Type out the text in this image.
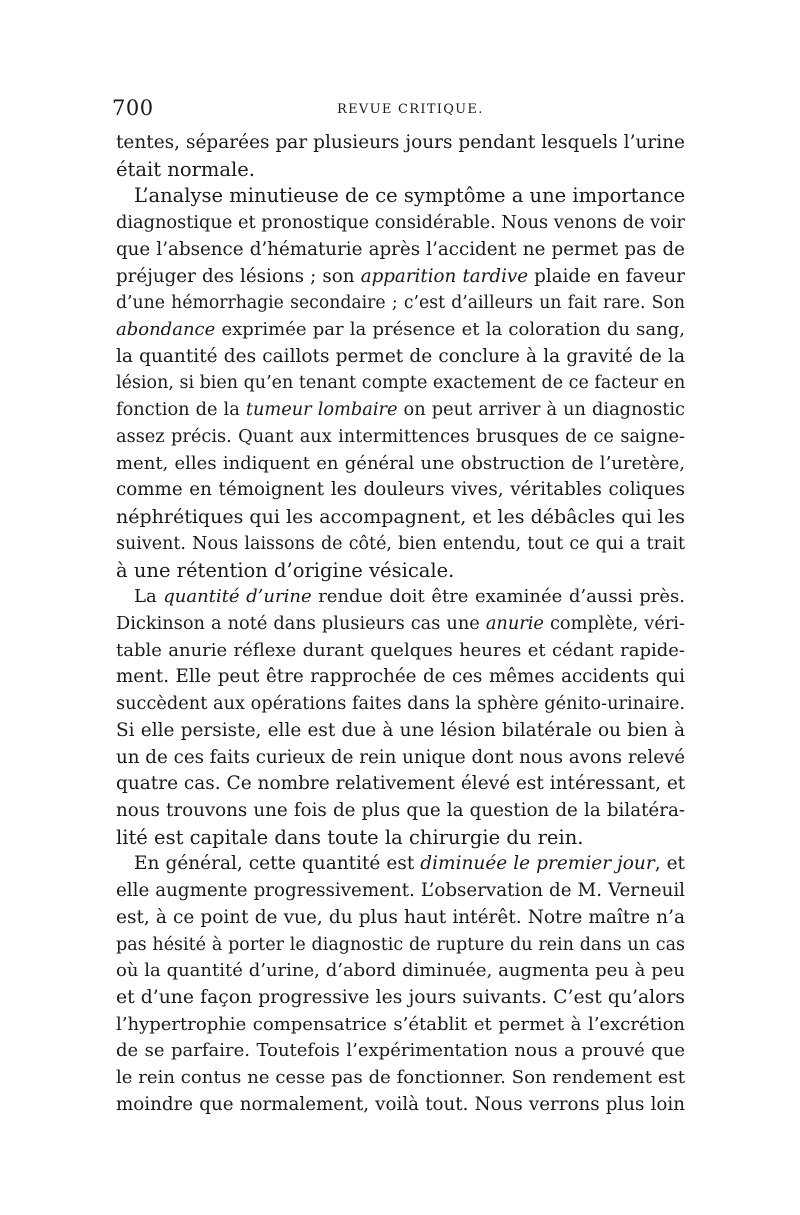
700	REVUE CRITIQUE.
tentes, séparées par plusieurs jours pendant lesquels l’urine
était normale.
L’analyse minutieuse de ce symptôme a une importance
diagnostique et pronostique considérable. Nous venons de voir
que l’absence d’hématurie après l’accident ne permet pas de
préjuger des lésions ; son apparition tardive plaide en faveur
d’une hémorrhagie secondaire ; c’est d’ailleurs un fait rare. Son
abondance exprimée par la présence et la coloration du sang,
la quantité des caillots permet de conclure à la gravité de la
lésion, si bien qu’en tenant compte exactement de ce facteur en
fonction de la tumeur lombaire on peut arriver à un diagnostic
assez précis. Quant aux intermittences brusques de ce saigne-
ment, elles indiquent en général une obstruction de l’uretère,
comme en témoignent les douleurs vives, véritables coliques
néphrétiques qui les accompagnent, et les débâcles qui les
suivent. Nous laissons de côté, bien entendu, tout ce qui a trait
à une rétention d’origine vésicale.
La quantité d’urine rendue doit être examinée d’aussi près.
Dickinson a noté dans plusieurs cas une anurie complète, véri-
table anurie réflexe durant quelques heures et cédant rapide-
ment. Elle peut être rapprochée de ces mêmes accidents qui
succèdent aux opérations faites dans la sphère génito-urinaire.
Si elle persiste, elle est due à une lésion bilatérale ou bien à
un de ces faits curieux de rein unique dont nous avons relevé
quatre cas. Ce nombre relativement élevé est intéressant, et
nous trouvons une fois de plus que la question de la bilatéra-
lité est capitale dans toute la chirurgie du rein.
En général, cette quantité est diminuée le premier jour, et
elle augmente progressivement. L’observation de M. Verneuil
est, à ce point de vue, du plus haut intérêt. Notre maître n’a
pas hésité à porter le diagnostic de rupture du rein dans un cas
où la quantité d’urine, d’abord diminuée, augmenta peu à peu
et d’une façon progressive les jours suivants. C’est qu’alors
l’hypertrophie compensatrice s’établit et permet à l’excrétion
de se parfaire. Toutefois l’expérimentation nous a prouvé que
le rein contus ne cesse pas de fonctionner. Son rendement est
moindre que normalement, voilà tout. Nous verrons plus loin
